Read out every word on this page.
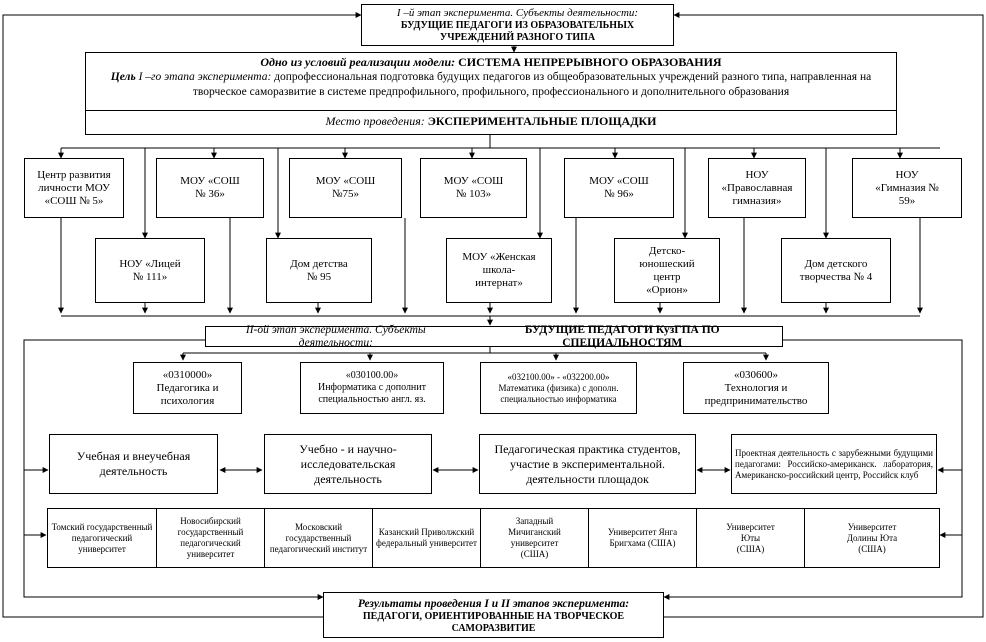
I –й этап эксперимента. Субъекты деятельности:
БУДУЩИЕ ПЕДАГОГИ ИЗ ОБРАЗОВАТЕЛЬНЫХ УЧРЕЖДЕНИЙ РАЗНОГО ТИПА
Одно из условий реализации модели: СИСТЕМА НЕПРЕРЫВНОГО ОБРАЗОВАНИЯ
Цель I –го этапа эксперимента: допрофессиональная подготовка будущих педагогов из общеобразовательных учреждений разного типа, направленная на творческое саморазвитие в системе предпрофильного, профильного, профессионального и дополнительного образования
Место проведения: ЭКСПЕРИМЕНТАЛЬНЫЕ ПЛОЩАДКИ
Центр развития личности МОУ «СОШ № 5»
МОУ «СОШ № 36»
МОУ «СОШ №75»
МОУ «СОШ № 103»
МОУ «СОШ № 96»
НОУ «Православная гимназия»
НОУ «Гимназия № 59»
НОУ «Лицей № 111»
Дом детства № 95
МОУ «Женская школа-интернат»
Детско-юношеский центр «Орион»
Дом детского творчества № 4
II-ой этап эксперимента. Субъекты деятельности:

БУДУЩИЕ ПЕДАГОГИ КузГПА ПО СПЕЦИАЛЬНОСТЯМ
«0310000»
Педагогика и психология
«030100.00»
Информатика с дополнит специальностью англ. яз.
«032100.00» - «032200.00»
Математика (физика) с дополн. специальностью информатика
«030600»
Технология и предпринимательство
Учебная и внеучебная деятельность
Учебно - и научно-исследовательская деятельность
Педагогическая практика студентов, участие в экспериментальной. деятельности площадок
Проектная деятельность с зарубежными будущими педагогами: Российско-американск. лаборатория, Американско-российский центр, Российск клуб
Томский государственный педагогический университет
Новосибирский государственный педагогический университет
Московский государственный педагогический институт
Казанский Приволжский федеральный университет
Западный Мичиганский университет (США)
Университет Янга Бригхама (США)
Университет Юты (США)
Университет Долины Юта (США)
Результаты проведения I и II этапов эксперимента:
ПЕДАГОГИ, ОРИЕНТИРОВАННЫЕ НА ТВОРЧЕСКОЕ САМОРАЗВИТИЕ
